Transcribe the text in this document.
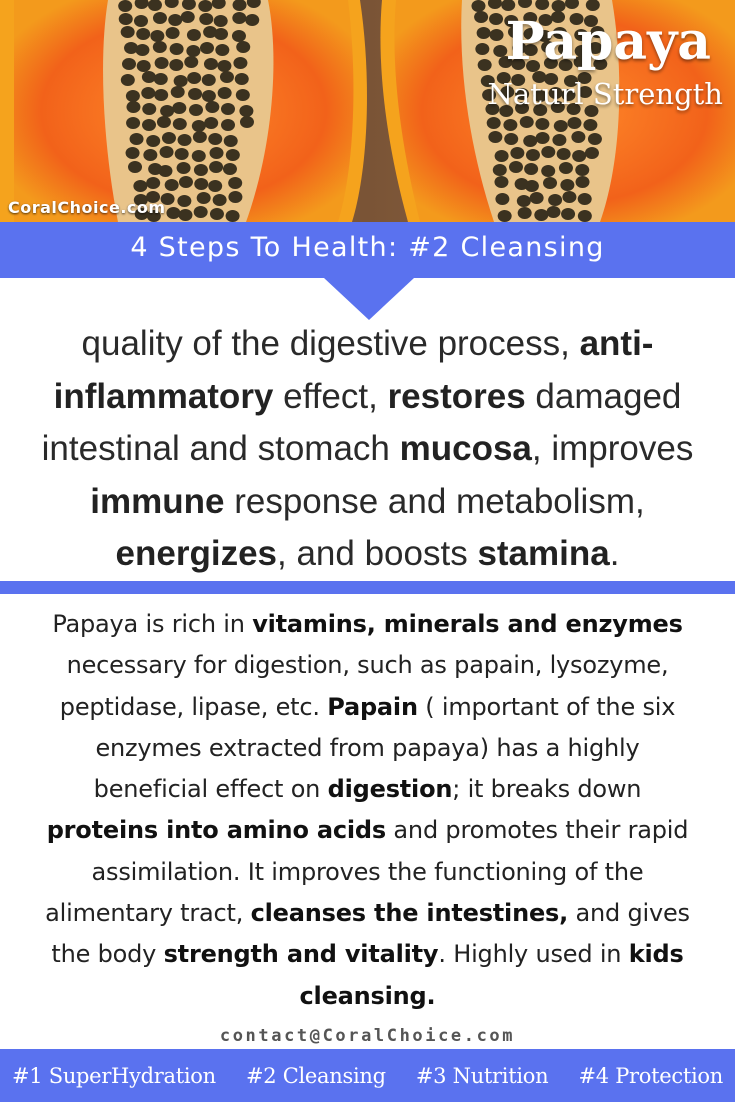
Papaya
Naturl Strength
CoralChoice.com
4 Steps To Health: #2 Cleansing
quality of the digestive process, anti-
inflammatory effect, restores damaged
intestinal and stomach mucosa, improves
immune response and metabolism,
energizes, and boosts stamina.
Papaya is rich in vitamins, minerals and enzymes
necessary for digestion, such as papain, lysozyme,
peptidase, lipase, etc. Papain ( important of the six
enzymes extracted from papaya) has a highly
beneficial effect on digestion; it breaks down
proteins into amino acids and promotes their rapid
assimilation. It improves the functioning of the
alimentary tract, cleanses the intestines, and gives
the body strength and vitality. Highly used in kids
cleansing.
contact@CoralChoice.com
#1 SuperHydration #2 Cleansing #3 Nutrition #4 Protection
